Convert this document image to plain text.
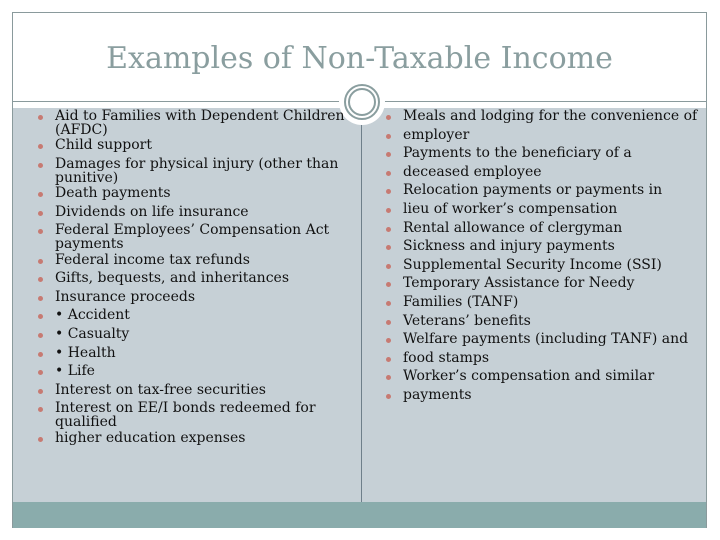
Examples of Non-Taxable Income
Aid to Families with Dependent Children (AFDC)
Child support
Damages for physical injury (other than punitive)
Death payments
Dividends on life insurance
Federal Employees’ Compensation Act payments
Federal income tax refunds
Gifts, bequests, and inheritances
Insurance proceeds
• Accident
• Casualty
• Health
• Life
Interest on tax-free securities
Interest on EE/I bonds redeemed for qualified
higher education expenses
Meals and lodging for the convenience of
employer
Payments to the beneficiary of a
deceased employee
Relocation payments or payments in
lieu of worker’s compensation
Rental allowance of clergyman
Sickness and injury payments
Supplemental Security Income (SSI)
Temporary Assistance for Needy
Families (TANF)
Veterans’ benefits
Welfare payments (including TANF) and
food stamps
Worker’s compensation and similar
payments
